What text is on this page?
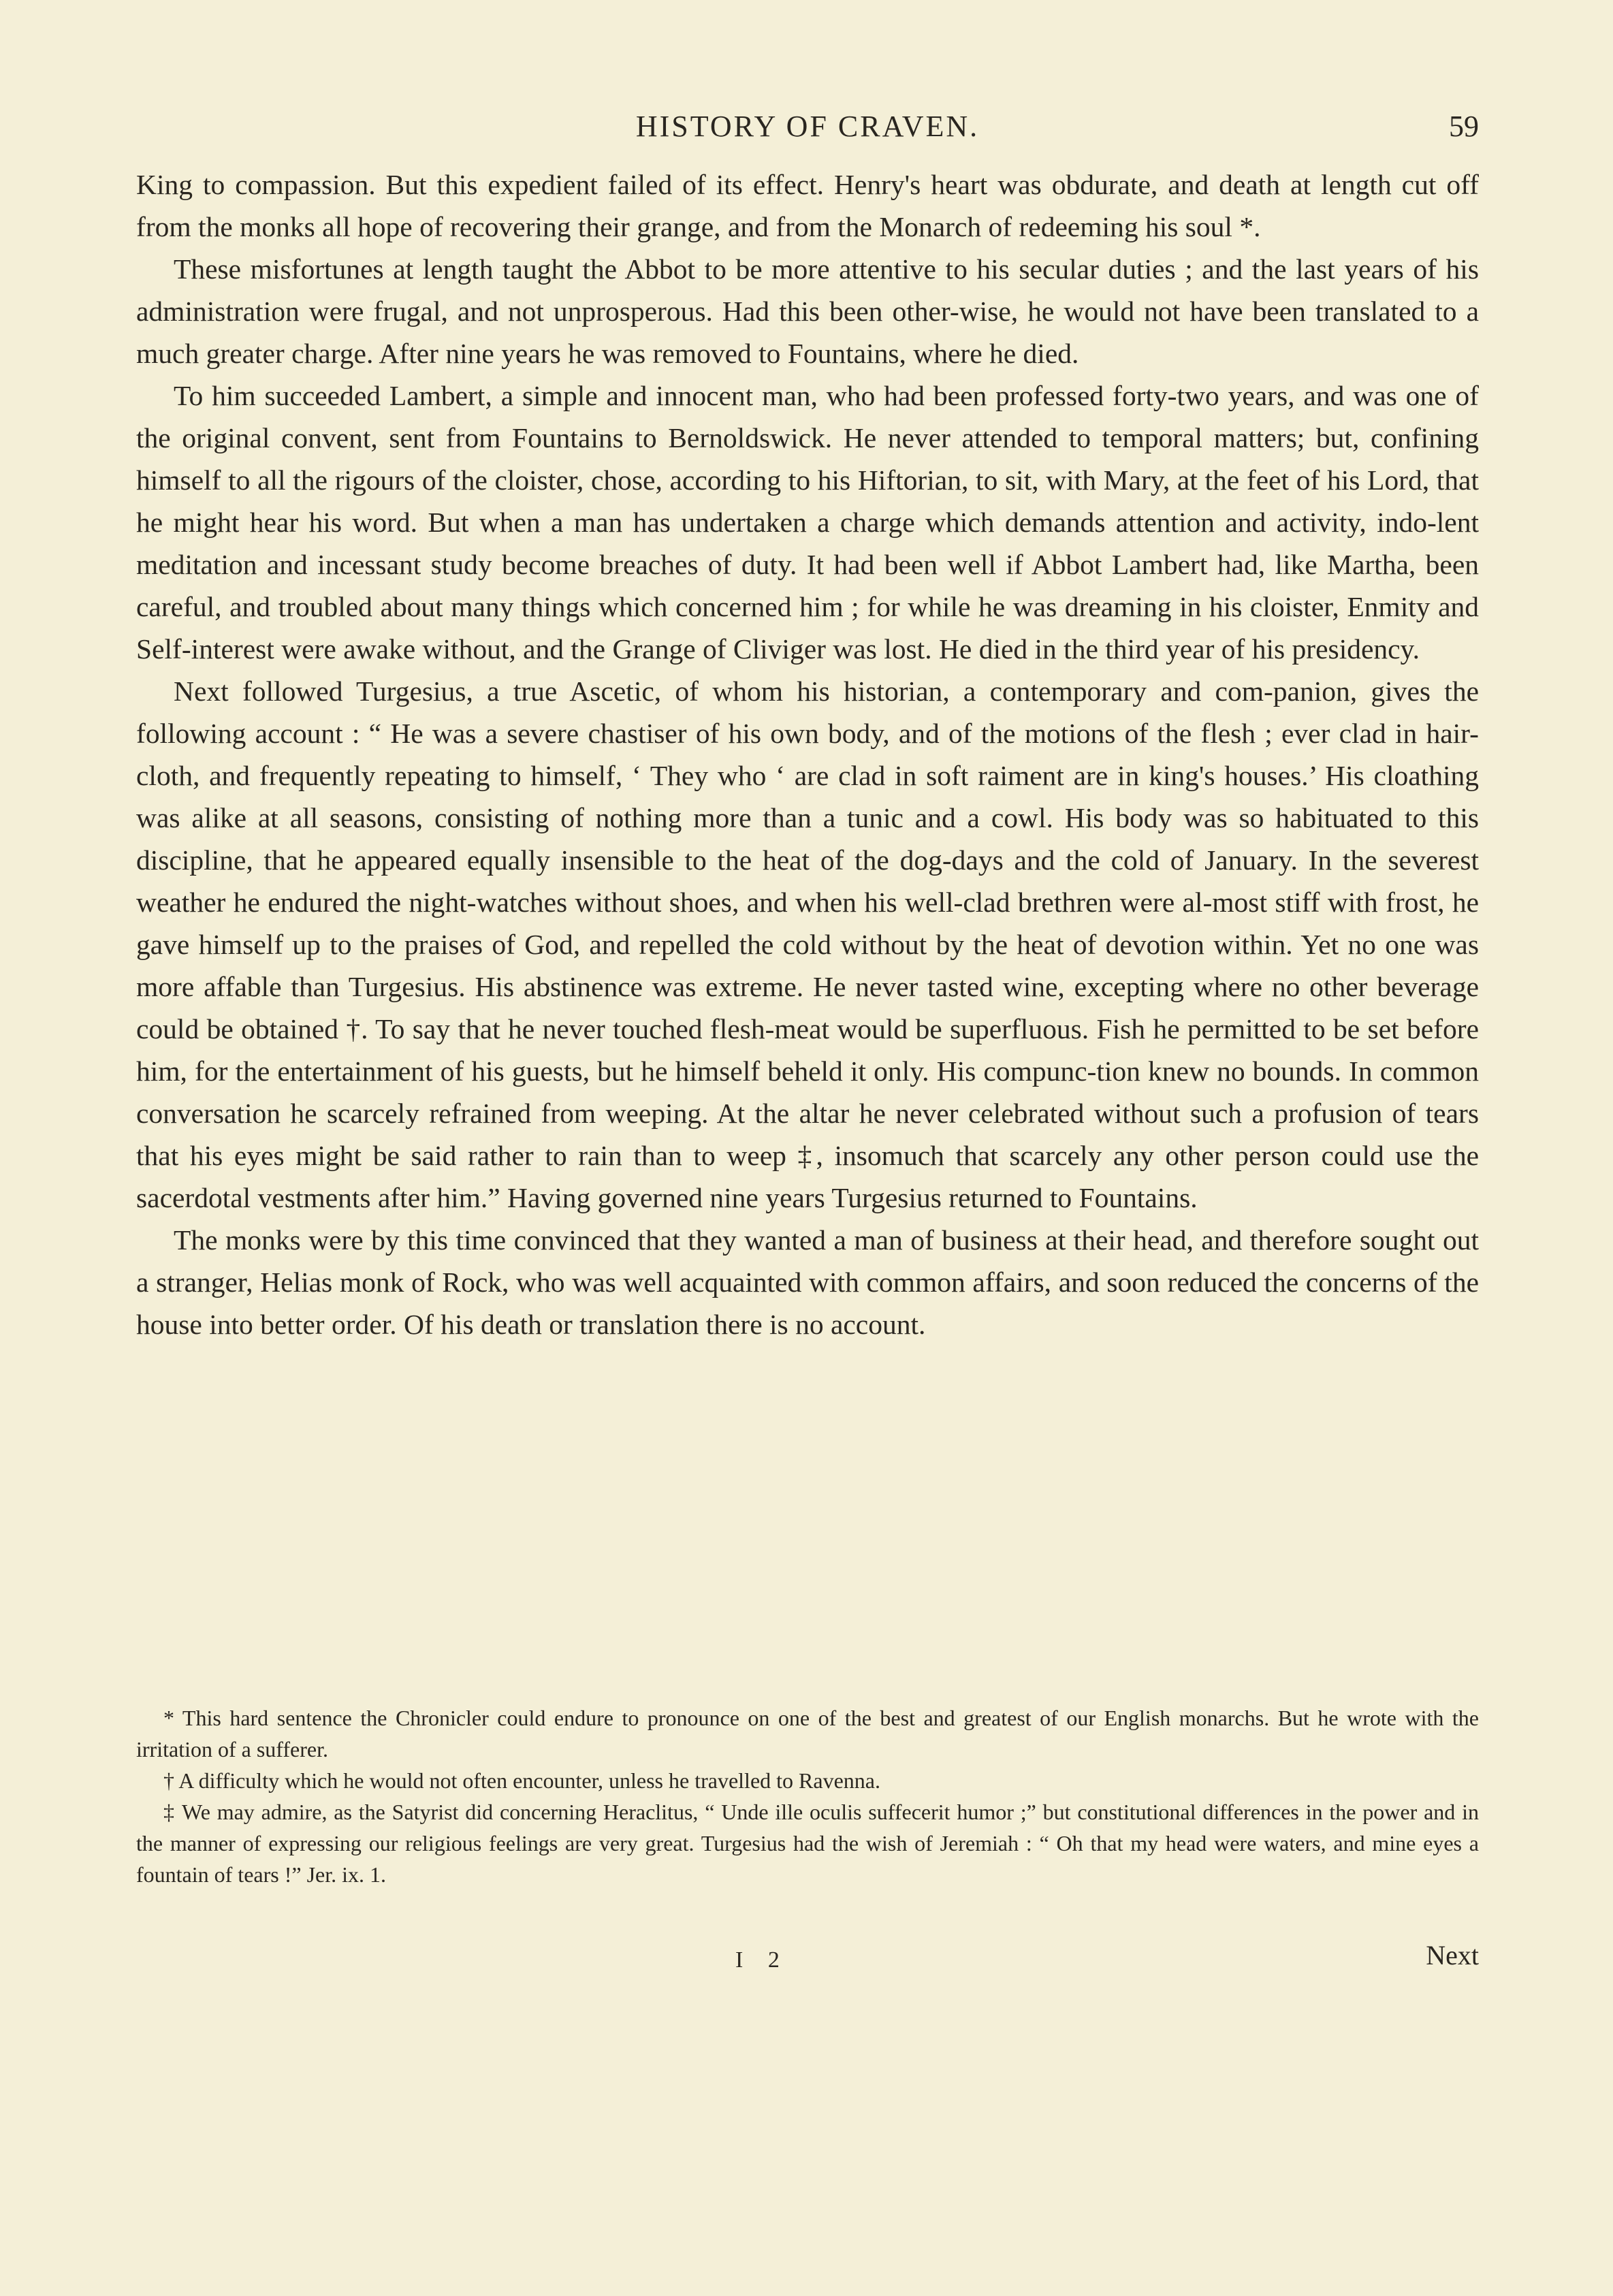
HISTORY OF CRAVEN.	59

King to compassion. But this expedient failed of its effect. Henry's heart was obdurate, and death at length cut off from the monks all hope of recovering their grange, and from the Monarch of redeeming his soul *.

These misfortunes at length taught the Abbot to be more attentive to his secular duties ; and the last years of his administration were frugal, and not unprosperous. Had this been other-wise, he would not have been translated to a much greater charge. After nine years he was removed to Fountains, where he died.

To him succeeded Lambert, a simple and innocent man, who had been professed forty-two years, and was one of the original convent, sent from Fountains to Bernoldswick. He never attended to temporal matters; but, confining himself to all the rigours of the cloister, chose, according to his Hiftorian, to sit, with Mary, at the feet of his Lord, that he might hear his word. But when a man has undertaken a charge which demands attention and activity, indo-lent meditation and incessant study become breaches of duty. It had been well if Abbot Lambert had, like Martha, been careful, and troubled about many things which concerned him ; for while he was dreaming in his cloister, Enmity and Self-interest were awake without, and the Grange of Cliviger was lost. He died in the third year of his presidency.

Next followed Turgesius, a true Ascetic, of whom his historian, a contemporary and com-panion, gives the following account : “ He was a severe chastiser of his own body, and of the motions of the flesh ; ever clad in hair-cloth, and frequently repeating to himself, ‘ They who ‘ are clad in soft raiment are in king's houses.’ His cloathing was alike at all seasons, consisting of nothing more than a tunic and a cowl. His body was so habituated to this discipline, that he appeared equally insensible to the heat of the dog-days and the cold of January. In the severest weather he endured the night-watches without shoes, and when his well-clad brethren were al-most stiff with frost, he gave himself up to the praises of God, and repelled the cold without by the heat of devotion within. Yet no one was more affable than Turgesius. His abstinence was extreme. He never tasted wine, excepting where no other beverage could be obtained †. To say that he never touched flesh-meat would be superfluous. Fish he permitted to be set before him, for the entertainment of his guests, but he himself beheld it only. His compunc-tion knew no bounds. In common conversation he scarcely refrained from weeping. At the altar he never celebrated without such a profusion of tears that his eyes might be said rather to rain than to weep ‡, insomuch that scarcely any other person could use the sacerdotal vestments after him.” Having governed nine years Turgesius returned to Fountains.

The monks were by this time convinced that they wanted a man of business at their head, and therefore sought out a stranger, Helias monk of Rock, who was well acquainted with common affairs, and soon reduced the concerns of the house into better order. Of his death or translation there is no account.

* This hard sentence the Chronicler could endure to pronounce on one of the best and greatest of our English monarchs. But he wrote with the irritation of a sufferer.

† A difficulty which he would not often encounter, unless he travelled to Ravenna.

‡ We may admire, as the Satyrist did concerning Heraclitus, “ Unde ille oculis suffecerit humor ;” but constitutional differences in the power and in the manner of expressing our religious feelings are very great. Turgesius had the wish of Jeremiah : “ Oh that my head were waters, and mine eyes a fountain of tears !” Jer. ix. 1.

I 2	Next
